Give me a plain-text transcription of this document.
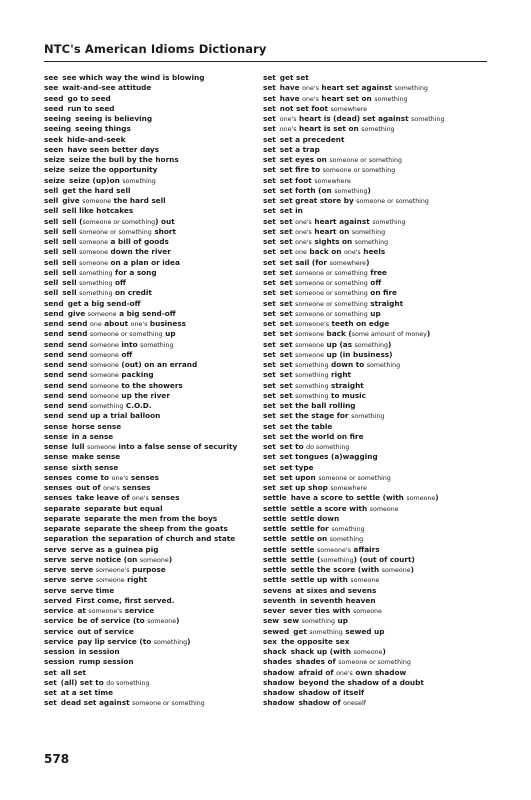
NTC's American Idioms Dictionary
see see which way the wind is blowing
see wait-and-see attitude
seed go to seed
seed run to seed
seeing seeing is believing
seeing seeing things
seek hide-and-seek
seen have seen better days
seize seize the bull by the horns
seize seize the opportunity
seize seize (up)on something
sell get the hard sell
sell give someone the hard sell
sell sell like hotcakes
sell sell (someone or something) out
sell sell someone or something short
sell sell someone a bill of goods
sell sell someone down the river
sell sell someone on a plan or idea
sell sell something for a song
sell sell something off
sell sell something on credit
send get a big send-off
send give someone a big send-off
send send one about one's business
send send someone or something up
send send someone into something
send send someone off
send send someone (out) on an errand
send send someone packing
send send someone to the showers
send send someone up the river
send send something C.O.D.
send send up a trial balloon
sense horse sense
sense in a sense
sense lull someone into a false sense of security
sense make sense
sense sixth sense
senses come to one's senses
senses out of one's senses
senses take leave of one's senses
separate separate but equal
separate separate the men from the boys
separate separate the sheep from the goats
separation the separation of church and state
serve serve as a guinea pig
serve serve notice (on someone)
serve serve someone's purpose
serve serve someone right
serve serve time
served First come, first served.
service at someone's service
service be of service (to someone)
service out of service
service pay lip service (to something)
session in session
session rump session
set all set
set (all) set to do something
set at a set time
set dead set against someone or something
set get set
set have one's heart set against something
set have one's heart set on something
set not set foot somewhere
set one's heart is (dead) set against something
set one's heart is set on something
set set a precedent
set set a trap
set set eyes on someone or something
set set fire to someone or something
set set foot somewhere
set set forth (on something)
set set great store by someone or something
set set in
set set one's heart against something
set set one's heart on something
set set one's sights on something
set set one back on one's heels
set set sail (for somewhere)
set set someone or something free
set set someone or something off
set set someone or something on fire
set set someone or something straight
set set someone or something up
set set someone's teeth on edge
set set someone back (some amount of money)
set set someone up (as something)
set set someone up (in business)
set set something down to something
set set something right
set set something straight
set set something to music
set set the ball rolling
set set the stage for something
set set the table
set set the world on fire
set set to do something
set set tongues (a)wagging
set set type
set set upon someone or something
set set up shop somewhere
settle have a score to settle (with someone)
settle settle a score with someone
settle settle down
settle settle for something
settle settle on something
settle settle someone's affairs
settle settle (something) (out of court)
settle settle the score (with someone)
settle settle up with someone
sevens at sixes and sevens
seventh in seventh heaven
sever sever ties with someone
sew sew something up
sewed get something sewed up
sex the opposite sex
shack shack up (with someone)
shades shades of someone or something
shadow afraid of one's own shadow
shadow beyond the shadow of a doubt
shadow shadow of itself
shadow shadow of oneself
578
